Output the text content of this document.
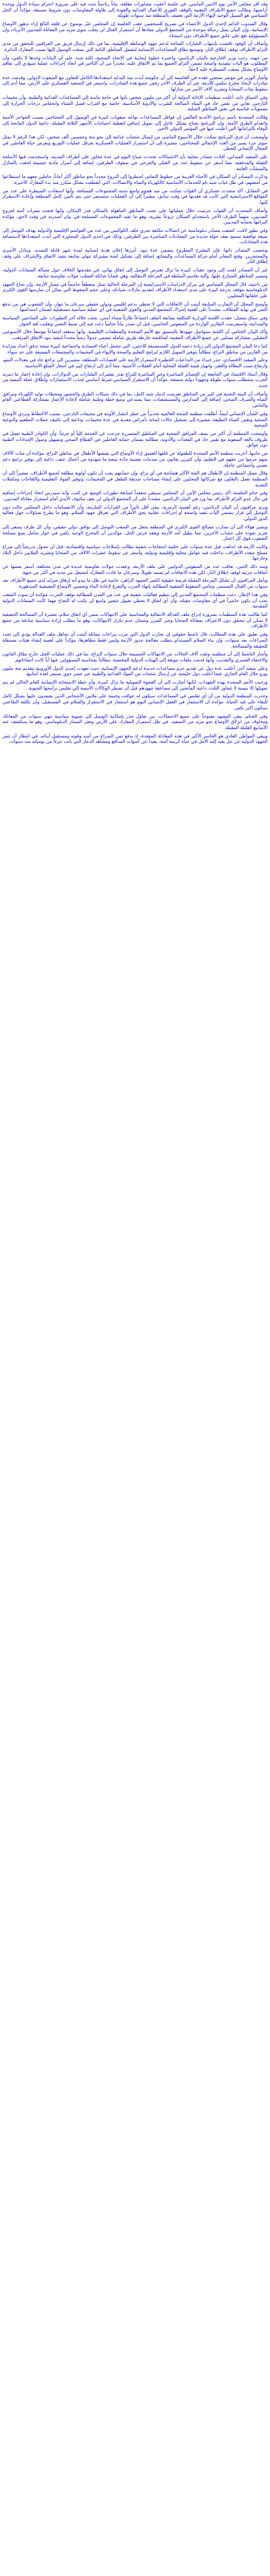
وقد أقر مجلس الأمن يوم الاثنين الماضي، في جلسة أعقبت مشاورات مغلقة، بياناً رئاسياً شدد فيه على ضرورة احترام سيادة الدول ووحدة أراضيها، وطالب جميع الأطراف المعنية بالوقف الفوري للأعمال العدائية والعودة إلى طاولة المفاوضات دون شروط مسبقة، مؤكداً أن الحل السياسي هو السبيل الوحيد لإنهاء الأزمة التي تعصف بالمنطقة منذ سنوات طويلة.

وقال المندوب الدائم لإحدى الدول الأعضاء في تصريح للصحفيين عقب الجلسة إن المجلس عبّر بوضوح عن قلقه البالغ إزاء تدهور الأوضاع الإنسانية، وإن البيان يمثل رسالة موحدة من المجتمع الدولي مفادها أن استمرار القتال لن يجلب سوى مزيد من المعاناة للمدنيين الأبرياء، وأن المسؤولية تقع على عاتق جميع الأطراف دون استثناء.

وأضاف أن الوفود ناقشت بإسهاب الخيارات المتاحة لدعم جهود الوساطة الإقليمية، بما في ذلك إرسال فريق من المراقبين للتحقق من مدى التزام الأطراف بوقف إطلاق النار، وتوسيع نطاق المساعدات الإنسانية لتشمل المناطق النائية التي يصعب الوصول إليها بسبب المعارك الدائرة.

من جهته، رحب وزير الخارجية بالبيان الرئاسي، واعتبره خطوة إيجابية في الاتجاه الصحيح، لكنه شدد على أن البيانات وحدها لا تكفي، وأن المطلوب هو آليات تنفيذية واضحة تضمن التزام الجميع بما تم الاتفاق عليه، محذراً من أن التأخير في اتخاذ إجراءات عملية سيؤدي إلى تفاقم الأوضاع بشكل يصعب السيطرة عليه لاحقاً.

وأشار الوزير في مؤتمر صحفي عقده في العاصمة إلى أن حكومته أبدت منذ البداية استعدادها الكامل للتعاون مع المبعوث الدولي، وقدمت عدة مبادرات لإيجاد مخرج سلمي للأزمة، غير أن الطرف الآخر رفض جميع هذه المبادرات، واستمر في التصعيد العسكري على الأرض، مما أدى إلى سقوط مئات الضحايا وتشريد آلاف الأسر من منازلها.

وفي السياق ذاته، أعلنت منظمات الإغاثة الدولية أن أكثر من مليون شخص باتوا في حاجة ماسة إلى المساعدات الغذائية والطبية، وأن مخيمات النازحين تعاني من نقص حاد في المياه الصالحة للشرب والأدوية الأساسية، خاصة مع اقتراب فصل الشتاء وانخفاض درجات الحرارة إلى مستويات قياسية في بعض المناطق الجبلية.

وقالت المتحدثة باسم برنامج الأغذية العالمي إن قوافل المساعدات تواجه صعوبات كبيرة في الوصول إلى المحتاجين بسبب الحواجز الأمنية وانعدام الطرق الآمنة، وإن البرنامج يحتاج بشكل عاجل إلى تمويل إضافي لتغطية احتياجات الأشهر الثلاثة المقبلة، داعية الدول المانحة إلى الوفاء بالتزاماتها التي أعلنت عنها في المؤتمر الدولي الأخير.

وأوضحت أن فرق البرنامج تمكنت خلال الأسبوع الماضي من إيصال شحنات غذائية إلى نحو مئة وخمسين ألف شخص، لكن هذا الرقم لا يمثل سوى جزء يسير من العدد الإجمالي للمحتاجين، مشيرة إلى أن استمرار العمليات العسكرية يعرقل عمليات التوزيع ويعرض حياة العاملين في المجال الإنساني للخطر.

على الصعيد الميداني، أفادت مصادر محلية بأن الاشتباكات تجددت صباح اليوم في عدة محاور على أطراف المدينة، واستخدمت فيها الأسلحة الثقيلة والمدفعية، مما أسفر عن سقوط عدد من القتلى والجرحى في صفوف الطرفين، إضافة إلى أضرار مادية جسيمة لحقت بالمنازل والمنشآت العامة.

وذكرت المصادر أن السكان في الأحياء القريبة من خطوط التماس اضطروا إلى النزوح مجدداً نحو مناطق أكثر أماناً، حاملين معهم ما استطاعوا من أمتعتهم، في ظل غياب شبه تام للخدمات الأساسية كالكهرباء والمياه والاتصالات، التي انقطعت بشكل متكرر منذ بدء المعارك الأخيرة.

في المقابل، أكد متحدث عسكري أن القوات تمكنت من صد هجوم واسع شنته المجموعات المسلحة، وأنها استعادت السيطرة على عدد من المواقع الاستراتيجية التي كانت قد فقدتها في وقت سابق، مشيراً إلى أن العمليات ستستمر حتى يتم تأمين كامل المنطقة وإعادة الاستقرار إليها.

وأضاف المتحدث أن القوات حرصت خلال عملياتها على تجنب المناطق المأهولة بالسكان قدر الإمكان، وأنها فتحت ممرات آمنة لخروج المدنيين، متهماً الطرف الآخر باستخدام السكان دروعاً بشرية، وهو ما نفته المجموعات المسلحة في بيان أصدرته في وقت لاحق، مؤكدة التزامها بحماية المدنيين.

وفي تطور لافت، كشفت مصادر دبلوماسية عن اتصالات مكثفة تجري خلف الكواليس بين عدد من العواصم الإقليمية والدولية بهدف التوصل إلى صيغة توافقية تسمح بعقد جولة جديدة من المحادثات المباشرة بين الطرفين، وذلك في إحدى الدول المجاورة التي أبدت استعدادها لاستضافة هذه المحادثات.

وبحسب المصادر ذاتها، فإن المقترح المطروح يتضمن عدة بنود، أبرزها إعلان هدنة إنسانية لمدة شهر قابلة للتمديد، وتبادل الأسرى والمحتجزين، وفتح المعابر أمام حركة المساعدات والبضائع، إضافة إلى تشكيل لجنة مشتركة تتولى متابعة تنفيذ الاتفاق والإشراف على وقف إطلاق النار.

غير أن المصادر لفتت إلى وجود عقبات كبيرة ما تزال تعترض التوصل إلى اتفاق نهائي، في مقدمتها الخلاف حول مسألة الضمانات الدولية، ومصير المناطق المتنازع عليها، وآلية تقاسم السلطة في المرحلة الانتقالية، وهي قضايا شائكة أفشلت جولات تفاوضية سابقة.

من ناحيته، قال المحلل السياسي في مركز الدراسات الاستراتيجية إن المرحلة الحالية تمثل منعطفاً حاسماً في مسار الأزمة، وإن نجاح الجهود الدبلوماسية يتوقف بدرجة كبيرة على مدى استعداد الأطراف لتقديم تنازلات متبادلة، وعلى حجم الضغوط التي يمكن أن تمارسها القوى الكبرى على حلفائها المحليين.

وأوضح المحلل أن التجارب السابقة أثبتت أن الاتفاقات التي لا تحظى بدعم إقليمي ودولي حقيقي سرعان ما تنهار، وأن الشعوب هي من تدفع الثمن في نهاية المطاف، مشدداً على أهمية إشراك المجتمع المدني والقوى الشعبية في أي عملية سياسية مستقبلية لضمان استدامتها.

وفي سياق متصل، عقدت اللجنة الوزارية المكلفة بمتابعة الملف اجتماعاً طارئاً مساء أمس، بحثت خلاله آخر التطورات على الساحتين السياسية والميدانية، واستعرضت التقارير الواردة من المبعوثين الخاصين، قبل أن تصدر بياناً ختامياً دعت فيه إلى ضبط النفس وتغليب لغة الحوار.

وأكد البيان الختامي أن اللجنة ستواصل جهودها بالتنسيق مع الأمم المتحدة والمنظمات الإقليمية، وأنها ستعقد اجتماعاً موسعاً خلال الأسبوعين المقبلين بمشاركة ممثلين عن جميع الأطراف المعنية، لمناقشة خارطة طريق شاملة تتضمن جدولاً زمنياً محدداً لتنفيذ بنود الاتفاق المرتقب.

كما دعا البيان المجتمع الدولي إلى زيادة دعمه للدول المستضيفة للاجئين، التي تتحمل أعباء اقتصادية واجتماعية كبيرة نتيجة تدفق أعداد متزايدة من الفارين من مناطق النزاع، مطالباً بتوفير التمويل اللازم لبرامج التعليم والصحة والإيواء في المخيمات والمجتمعات المضيفة على حد سواء.

وعلى الصعيد الاقتصادي، حذر خبراء من التداعيات الخطيرة لاستمرار الأزمة على اقتصادات المنطقة، مشيرين إلى تراجع حاد في معدلات النمو، وارتفاع نسب البطالة والفقر، وانهيار قيمة العملة المحلية أمام العملات الأجنبية، مما أدى إلى ارتفاع كبير في أسعار السلع الأساسية.

وقال أستاذ الاقتصاد في الجامعة إن الخسائر المباشرة وغير المباشرة للنزاع تقدر بعشرات المليارات من الدولارات، وإن إعادة إعمار ما دمرته الحرب ستتطلب سنوات طويلة وجهوداً دولية منسقة، مؤكداً أن الاستقرار السياسي شرط أساسي لجذب الاستثمارات وإطلاق عجلة التنمية من جديد.

وأضاف أن البنية التحتية في كثير من المناطق تعرضت لدمار شبه كامل، بما في ذلك شبكات الطرق والجسور ومحطات توليد الكهرباء ومرافق المياه والصرف الصحي، إضافة إلى المدارس والمستشفيات، مما يستدعي وضع خطة وطنية شاملة لإعادة الإعمار بمشاركة القطاعين العام والخاص.

وفي الشأن الإنساني أيضاً، أطلقت منظمة الصحة العالمية تحذيراً من خطر انتشار الأوبئة في مخيمات النازحين، بسبب الاكتظاظ وتردي الأوضاع الصحية ونقص المياه النظيفة، مشيرة إلى تسجيل حالات إصابة بأمراض معدية في عدة مخيمات، وداعية إلى تكثيف حملات التطعيم والتوعية الصحية.

وأوضحت المنظمة أن أكثر من نصف المرافق الصحية في المناطق المتضررة خرجت عن الخدمة كلياً أو جزئياً، وأن الكوادر الطبية تعمل في ظروف بالغة الصعوبة مع نقص حاد في المعدات والأدوية، مطالبة بضمان حماية العاملين في القطاع الصحي وتسهيل وصول الإمدادات الطبية دون عوائق.

من جانبها، أعربت منظمة الأمم المتحدة للطفولة عن قلقها العميق إزاء الأوضاع التي يعيشها الأطفال في مناطق النزاع، مؤكدة أن مئات الآلاف منهم حرموا من حقهم في التعليم، وأن كثيرين يعانون من صدمات نفسية حادة نتيجة ما شهدوه من أعمال عنف، داعية إلى توفير برامج دعم نفسي واجتماعي عاجلة.

وقال ممثل المنظمة إن الأطفال هم الفئة الأكثر هشاشة في أي نزاع، وإن حمايتهم يجب أن تكون أولوية مطلقة لجميع الأطراف، مشيراً إلى أن المنظمة تعمل بالتعاون مع شركائها المحليين على إنشاء مساحات صديقة للطفل في المخيمات، وتوفير المواد التعليمية واللقاحات ومكملات التغذية.

وفي ختام الجلسة، أكد رئيس مجلس الأمن أن المجلس سيبقى منعقداً لمتابعة تطورات الوضع عن كثب، وأنه سيدرس اتخاذ إجراءات إضافية في حال عدم التزام الأطراف بما ورد في البيان الرئاسي، مشدداً على أن المجتمع الدولي لن يقف مكتوف الأيدي أمام استمرار معاناة المدنيين.

ويرى مراقبون أن البيان الرئاسي، رغم أهميته الرمزية، يبقى أقل تأثيراً من القرارات الملزمة، وأن الانقسامات داخل المجلس حالت دون التوصل إلى قرار يتضمن آليات تنفيذ واضحة أو إجراءات عقابية بحق الأطراف التي تعرقل جهود السلام، وهو ما يطرح تساؤلات حول فعالية الدور الدولي.

ويشير هؤلاء إلى أن تضارب مصالح القوى الكبرى في المنطقة يجعل من الصعب التوصل إلى توافق دولي حقيقي، وأن كل طرف يسعى إلى تعزيز نفوذه على حساب الآخرين، مما يطيل أمد الأزمة ويعقد فرص الحل، مؤكدين أن المخرج الوحيد يكمن في حوار شامل يضع مصلحة الشعوب فوق كل اعتبار.

وكانت الأزمة قد اندلعت قبل عدة سنوات على خلفية احتجاجات شعبية تطالب بإصلاحات سياسية واقتصادية، قبل أن تتحول تدريجياً إلى صراع مسلح متعدد الأطراف، تداخلت فيه عوامل محلية وإقليمية ودولية، وأسفر عن سقوط عشرات الآلاف من الضحايا وتشريد الملايين داخل البلاد وخارجها.

ومنذ ذلك الحين، تعاقب عدد من المبعوثين الدوليين على ملف الأزمة، وعقدت جولات تفاوضية عديدة في مدن مختلفة، أسفر بعضها عن اتفاقات جزئية لوقف إطلاق النار، لكن هذه الاتفاقات لم تصمد طويلاً، وسرعان ما عادت المعارك لتشتعل من جديد في أكثر من جبهة.

ويأمل المراقبون أن تشكل المرحلة المقبلة فرصة حقيقية لكسر الجمود الراهن، خاصة في ظل ما يبدو أنه إرهاق متزايد لدى جميع الأطراف بعد سنوات من القتال المستمر، وتنامي الضغوط الشعبية المطالبة بإنهاء الحرب والتفرغ لإعادة البناء وتحسين الأوضاع المعيشية المتدهورة.

وفي هذا الإطار، دعت منظمات المجتمع المدني إلى تنظيم فعاليات شعبية في عدد من المدن للمطالبة بوقف الحرب، مؤكدة أن صوت الشعب يجب أن يكون حاضراً في أي مفاوضات مقبلة، وأن أي اتفاق لا يحظى بقبول شعبي واسع لن يكتب له النجاح مهما كانت الضمانات الدولية المقدمة.

كما طالبت هذه المنظمات بضرورة إدراج ملف العدالة الانتقالية والمحاسبة على الانتهاكات ضمن أي اتفاق سلام، معتبرة أن المصالحة الحقيقية لا يمكن أن تتحقق دون الاعتراف بمعاناة الضحايا وجبر الضرر وضمان عدم تكرار الانتهاكات، وهو ما يتطلب إرادة سياسية صادقة من جميع الأطراف.

وفي تعليق على هذه المطالب، قال ناشط حقوقي إن تجارب الدول التي مرت بنزاعات مماثلة أثبتت أن تجاهل ملف العدالة يؤدي إلى تجدد الصراعات بعد سنوات، وإن بناء السلام المستدام يتطلب معالجة جذور الأزمة وليس فقط مظاهرها، مؤكداً على أهمية إنشاء هيئات مستقلة للحقيقة والمصالحة.

وأشار الناشط إلى أن منظمته وثقت آلاف الحالات من الانتهاكات الجسيمة خلال سنوات النزاع، بما في ذلك عمليات القتل خارج نطاق القانون والاختفاء القسري والتعذيب، وأنها قدمت ملفات موثقة إلى الهيئات الدولية المختصة، مطالباً بمحاسبة المسؤولين عنها أياً كانت انتماءاتهم.

وعلى صعيد آخر، أعلنت عدة دول عن تقديم حزم مساعدات جديدة لدعم الجهود الإنسانية، حيث تعهدت إحدى الدول الأوروبية بتقديم مئة مليون يورو خلال العام الجاري، فيما أعلنت دول خليجية عن إرسال شحنات من المواد الغذائية والطبية عبر جسر جوي يستمر لعدة أسابيع.

ورحبت الأمم المتحدة بهذه التعهدات، لكنها أشارت إلى أن الفجوة التمويلية ما تزال كبيرة، وأن خطة الاستجابة الإنسانية للعام الحالي لم يتم تمويلها إلا بنسبة لا تتجاوز الثلث، داعية المانحين إلى مضاعفة جهودهم قبل أن تضطر الوكالات الأممية إلى تقليص برامجها الحيوية.

وحذرت المنظمة الدولية من أن أي تقليص في المساعدات سيكون له عواقب وخيمة على ملايين الأشخاص الذين يعتمدون عليها بشكل كامل للبقاء على قيد الحياة، مؤكدة أن الاستثمار في العمل الإنساني اليوم هو استثمار في الاستقرار والسلام في المستقبل، وأن تكلفة التقاعس ستكون أكبر بكثير.

وفي الختام، يبقى المشهد مفتوحاً على جميع الاحتمالات، بين تفاؤل حذر بإمكانية التوصل إلى تسوية سياسية تنهي سنوات من المعاناة، ومخاوف من انزلاق الأوضاع نحو مزيد من التصعيد، في ظل استمرار المعارك على الأرض وتعثر المسار الدبلوماسي، وهو ما ستكشف عنه الأسابيع القليلة المقبلة.

ويبقى المواطن العادي هو الخاسر الأكبر في هذه المعادلة المعقدة، إذ يدفع ثمن الصراع من أمنه وقوته ومستقبل أبنائه، في انتظار أن تثمر الجهود الدولية عن حل يعيد إليه الأمل في حياة كريمة آمنة، بعيداً عن أصوات المدافع ومشاهد الدمار التي باتت جزءاً من يومياته منذ سنوات.
